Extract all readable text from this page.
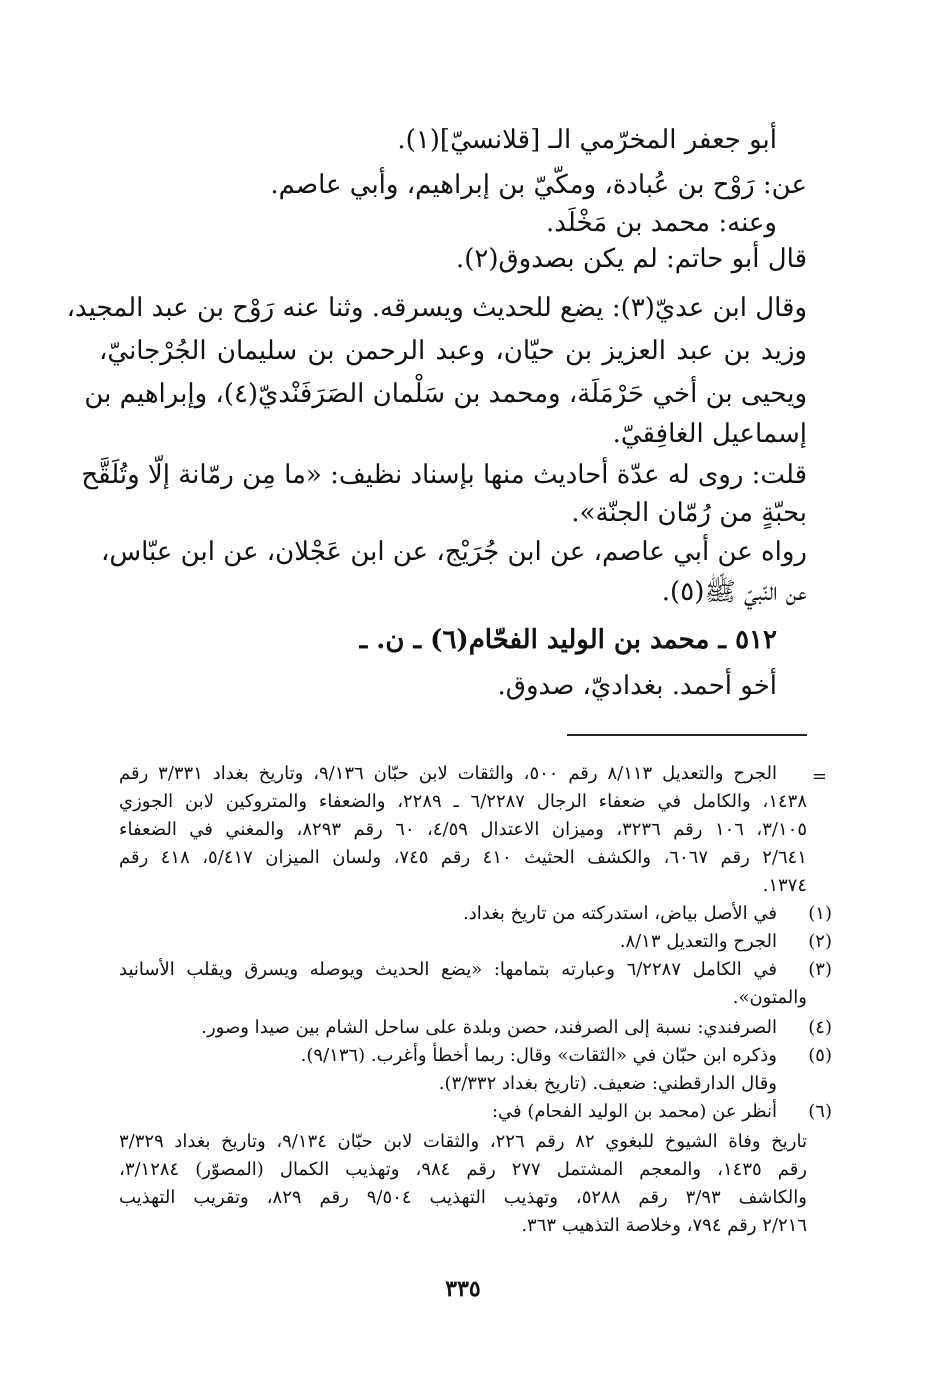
أبو جعفر المخرّمي الـ [قلانسيّ](١).
عن: رَوْح بن عُبادة، ومكّيّ بن إبراهيم، وأبي عاصم.
وعنه: محمد بن مَخْلَد.
قال أبو حاتم: لم يكن بصدوق(٢).
وقال ابن عديّ(٣): يضع للحديث ويسرقه. وثنا عنه رَوْح بن عبد المجيد،
وزيد بن عبد العزيز بن حيّان، وعبد الرحمن بن سليمان الجُرْجانيّ،
ويحيى بن أخي حَرْمَلَة، ومحمد بن سَلْمان الصَرَفَنْديّ(٤)، وإبراهيم بن
إسماعيل الغافِقيّ.
قلت: روى له عدّة أحاديث منها بإسناد نظيف: «ما مِن رمّانة إلّا وتُلَقَّح
بحبّةٍ من رُمّان الجنّة».
رواه عن أبي عاصم، عن ابن جُرَيْج، عن ابن عَجْلان، عن ابن عبّاس،
عن النّبيّ ﷺ(٥).
٥١٢ ـ محمد بن الوليد الفحّام(٦) ـ ن. ـ
أخو أحمد. بغداديّ، صدوق.
=
الجرح والتعديل ٨/١١٣ رقم ٥٠٠، والثقات لابن حبّان ٩/١٣٦، وتاريخ بغداد ٣/٣٣١ رقم
١٤٣٨، والكامل في ضعفاء الرجال ٦/٢٢٨٧ ـ ٢٢٨٩، والضعفاء والمتروكين لابن الجوزي
٣/١٠٥، ١٠٦ رقم ٣٢٣٦، وميزان الاعتدال ٤/٥٩، ٦٠ رقم ٨٢٩٣، والمغني في الضعفاء
٢/٦٤١ رقم ٦٠٦٧، والكشف الحثيث ٤١٠ رقم ٧٤٥، ولسان الميزان ٥/٤١٧، ٤١٨ رقم
١٣٧٤.
(١)
في الأصل بياض، استدركته من تاريخ بغداد.
(٢)
الجرح والتعديل ٨/١٣.
(٣)
في الكامل ٦/٢٢٨٧ وعبارته بتمامها: «يضع الحديث ويوصله ويسرق ويقلب الأسانيد
والمتون».
(٤)
الصرفندي: نسبة إلى الصرفند، حصن وبلدة على ساحل الشام بين صيدا وصور.
(٥)
وذكره ابن حبّان في «الثقات» وقال: ربما أخطأ وأغرب. (٩/١٣٦).
وقال الدارقطني: ضعيف. (تاريخ بغداد ٣/٣٣٢).
(٦)
أنظر عن (محمد بن الوليد الفحام) في:
تاريخ وفاة الشيوخ للبغوي ٨٢ رقم ٢٢٦، والثقات لابن حبّان ٩/١٣٤، وتاريخ بغداد ٣/٣٢٩
رقم ١٤٣٥، والمعجم المشتمل ٢٧٧ رقم ٩٨٤، وتهذيب الكمال (المصوّر) ٣/١٢٨٤،
والكاشف ٣/٩٣ رقم ٥٢٨٨، وتهذيب التهذيب ٩/٥٠٤ رقم ٨٢٩، وتقريب التهذيب
٢/٢١٦ رقم ٧٩٤، وخلاصة التذهيب ٣٦٣.
٣٣٥
